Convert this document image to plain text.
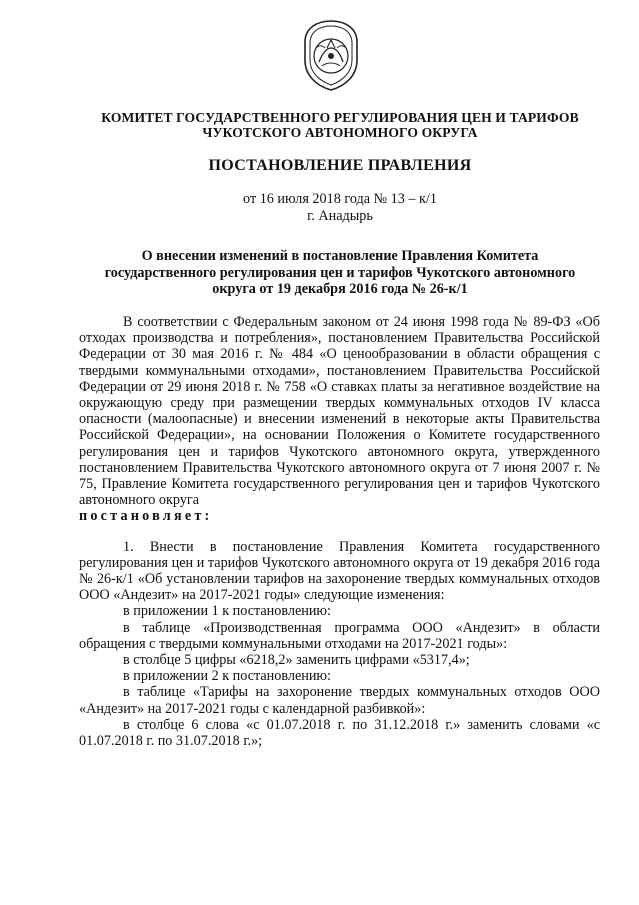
КОМИТЕТ ГОСУДАРСТВЕННОГО РЕГУЛИРОВАНИЯ ЦЕН И ТАРИФОВ
ЧУКОТСКОГО АВТОНОМНОГО ОКРУГА
ПОСТАНОВЛЕНИЕ ПРАВЛЕНИЯ
от 16 июля 2018 года № 13 – к/1
г. Анадырь
О внесении изменений в постановление Правления Комитета
государственного регулирования цен и тарифов Чукотского автономного
округа от 19 декабря 2016 года № 26-к/1

В соответствии с Федеральным законом от 24 июня 1998 года № 89-ФЗ «Об отходах производства и потребления», постановлением Правительства Российской Федерации от 30 мая 2016 г. № 484 «О ценообразовании в области обращения с твердыми коммунальными отходами», постановлением Правительства Российской Федерации от 29 июня 2018 г. № 758 «О ставках платы за негативное воздействие на окружающую среду при размещении твердых коммунальных отходов IV класса опасности (малоопасные) и внесении изменений в некоторые акты Правительства Российской Федерации», на основании Положения о Комитете государственного регулирования цен и тарифов Чукотского автономного округа, утвержденного постановлением Правительства Чукотского автономного округа от 7 июня 2007 г. № 75, Правление Комитета государственного регулирования цен и тарифов Чукотского автономного округа

постановляет:

1. Внести в постановление Правления Комитета государственного регулирования цен и тарифов Чукотского автономного округа от 19 декабря 2016 года № 26-к/1 «Об установлении тарифов на захоронение твердых коммунальных отходов ООО «Андезит» на 2017-2021 годы» следующие изменения:

в приложении 1 к постановлению:

в таблице «Производственная программа ООО «Андезит» в области обращения с твердыми коммунальными отходами на 2017-2021 годы»:

в столбце 5 цифры «6218,2» заменить цифрами «5317,4»;

в приложении 2 к постановлению:

в таблице «Тарифы на захоронение твердых коммунальных отходов ООО «Андезит» на 2017-2021 годы с календарной разбивкой»:

в столбце 6 слова «с 01.07.2018 г. по 31.12.2018 г.» заменить словами «с 01.07.2018 г. по 31.07.2018 г.»;
